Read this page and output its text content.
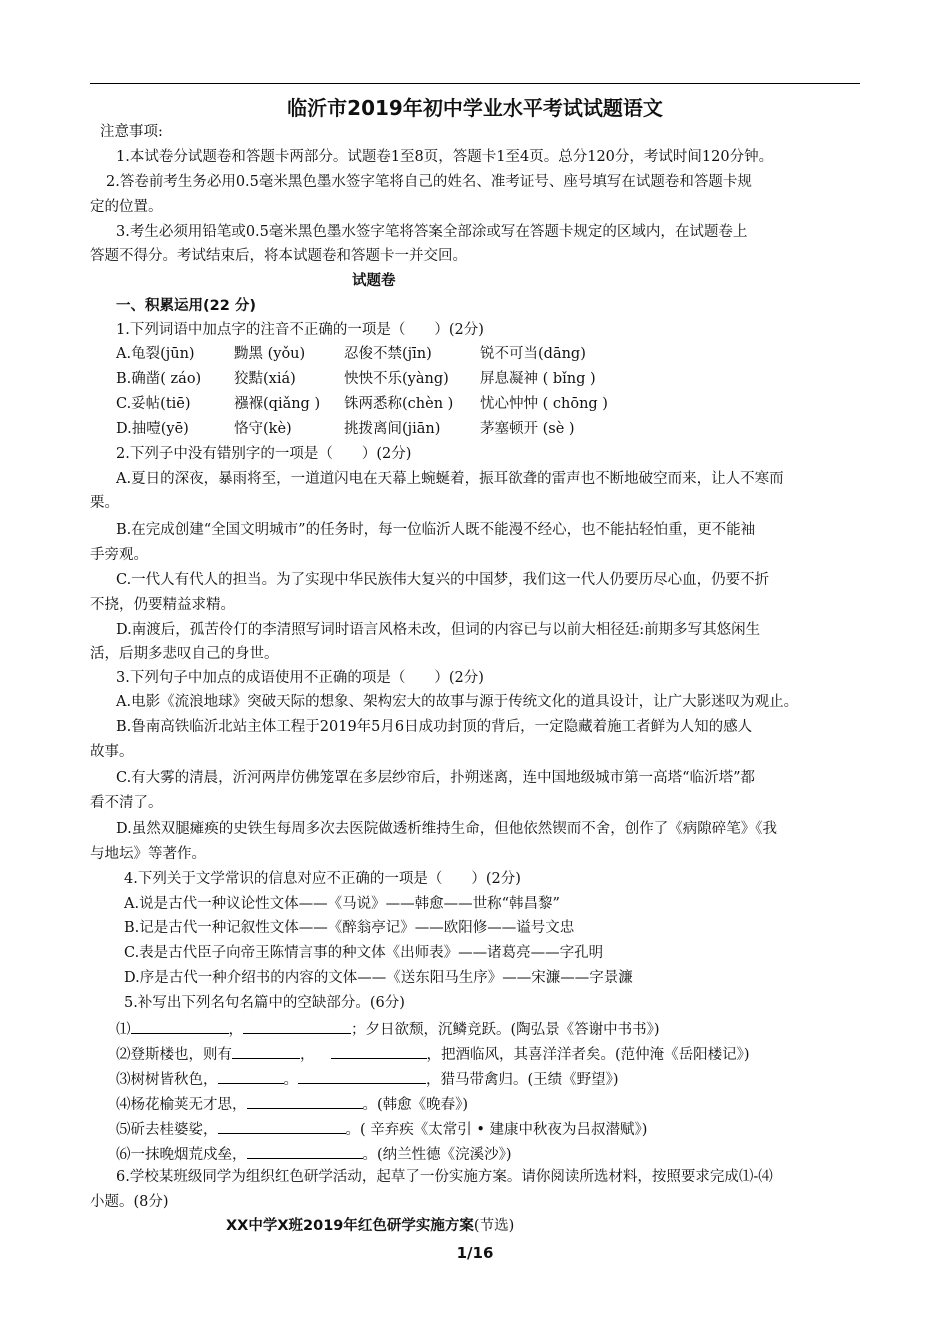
临沂市2019年初中学业水平考试试题语文
注意事项:
1.本试卷分试题卷和答题卡两部分。试题卷1至8页，答题卡1至4页。总分120分，考试时间120分钟。
2.答卷前考生务必用0.5毫米黑色墨水签字笔将自己的姓名、准考证号、座号填写在试题卷和答题卡规
定的位置。
3.考生必须用铅笔或0.5毫米黑色墨水签字笔将答案全部涂或写在答题卡规定的区域内，在试题卷上
答题不得分。考试结束后，将本试题卷和答题卡一并交回。
试题卷
一、积累运用(22 分)
1.下列词语中加点字的注音不正确的一项是（　　）(2分)
A.龟裂(jūn)	黝黑 (yǒu)	忍俊不禁(jīn)	锐不可当(dāng)
B.确凿( záo) 狡黠(xiá)	怏怏不乐(yàng) 屏息凝神 ( bǐng )
C.妥帖(tiē)	襁褓(qiǎng ) 铢两悉称(chèn ) 忧心忡忡 ( chōng )
D.抽噎(yē)	恪守(kè)	挑拨离间(jiān)	茅塞顿开 (sè )
2.下列子中没有错别字的一项是（　　）(2分)
A.夏日的深夜，暴雨将至，一道道闪电在天幕上蜿蜒着，振耳欲聋的雷声也不断地破空而来，让人不寒而
栗。
B.在完成创建“全国文明城市”的任务时，每一位临沂人既不能漫不经心，也不能拈轻怕重，更不能袖
手旁观。
C.一代人有代人的担当。为了实现中华民族伟大复兴的中国梦，我们这一代人仍要历尽心血，仍要不折
不挠，仍要精益求精。
D.南渡后，孤苦伶仃的李清照写词时语言风格未改，但词的内容已与以前大相径廷:前期多写其悠闲生
活，后期多悲叹自己的身世。
3.下列句子中加点的成语使用不正确的项是（　　）(2分)
A.电影《流浪地球》突破天际的想象、架构宏大的故事与源于传统文化的道具设计，让广大影迷叹为观止。
B.鲁南高铁临沂北站主体工程于2019年5月6日成功封顶的背后，一定隐藏着施工者鲜为人知的感人
故事。
C.有大雾的清晨，沂河两岸仿佛笼罩在多层纱帘后，扑朔迷离，连中国地级城市第一高塔“临沂塔”都
看不清了。
D.虽然双腿瘫痪的史铁生每周多次去医院做透析维持生命，但他依然锲而不舍，创作了《病隙碎笔》《我
与地坛》等著作。
4.下列关于文学常识的信息对应不正确的一项是（　　）(2分)
A.说是古代一种议论性文体——《马说》——韩愈——世称“韩昌黎”
B.记是古代一种记叙性文体——《醉翁亭记》——欧阳修——谥号文忠
C.表是古代臣子向帝王陈情言事的种文体《出师表》——诸葛亮——字孔明
D.序是古代一种介绍书的内容的文体——《送东阳马生序》——宋濂——字景濂
5.补写出下列名句名篇中的空缺部分。(6分)
⑴	，	；夕日欲颓，沉鳞竞跃。(陶弘景《答谢中书书》)
⑵登斯楼也，则有	，	，把酒临风，其喜洋洋者矣。(范仲淹《岳阳楼记》)
⑶树树皆秋色，	。	，猎马带禽归。(王绩《野望》)
⑷杨花榆荚无才思，	。(韩愈《晚春》)
⑸斫去桂婆娑，	。( 辛弃疾《太常引 • 建康中秋夜为吕叔潜赋》)
⑹一抹晚烟荒戍垒，	。(纳兰性德《浣溪沙》)
6.学校某班级同学为组织红色研学活动，起草了一份实施方案。请你阅读所选材料，按照要求完成⑴-⑷
小题。(8分)
XX中学X班2019年红色研学实施方案(节选)
1/16
